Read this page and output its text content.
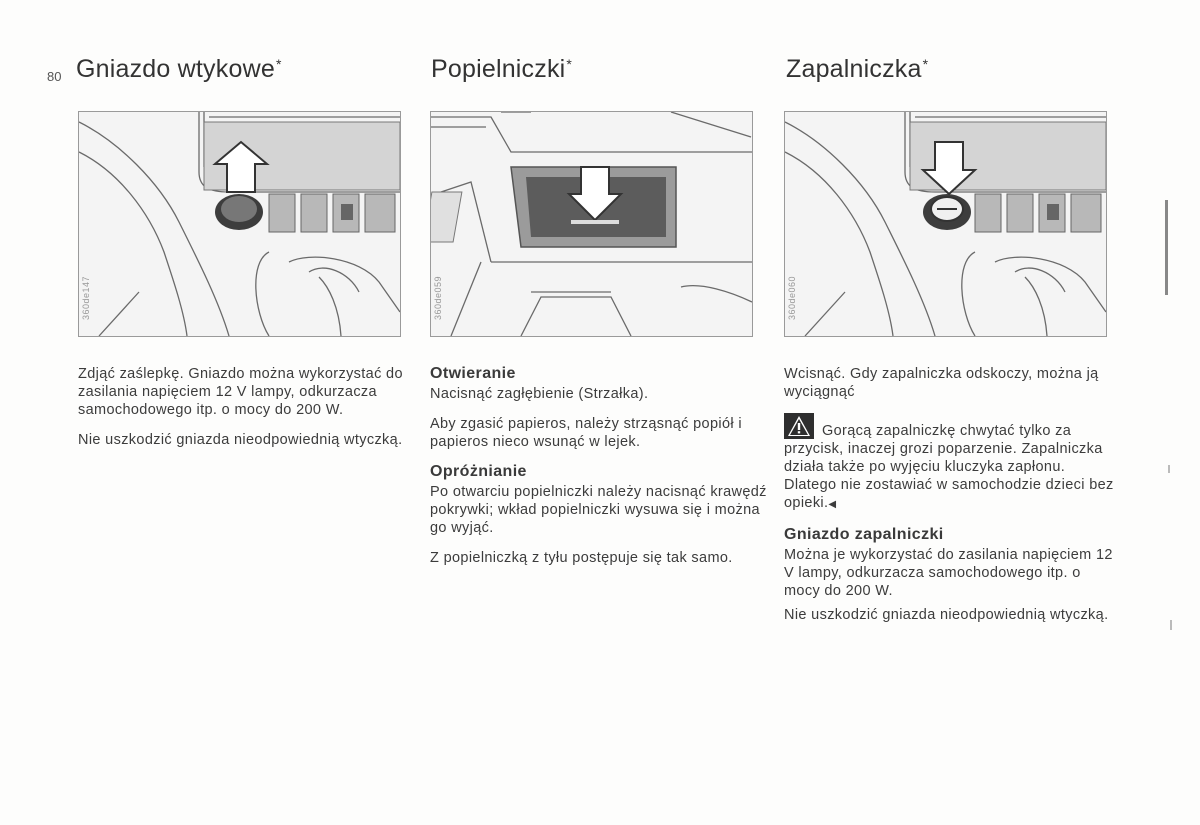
80 Gniazdo wtykowe*
360de147

Zdjąć zaślepkę. Gniazdo można wykorzystać do zasilania napięciem 12 V lampy, odkurzacza samochodowego itp. o mocy do 200 W.

Nie uszkodzić gniazda nieodpowiednią wtyczką.

Popielniczki*
360de059
Otwieranie

Nacisnąć zagłębienie (Strzałka).

Aby zgasić papieros, należy strząsnąć popiół i papieros nieco wsunąć w lejek.

Opróżnianie

Po otwarciu popielniczki należy nacisnąć krawędź pokrywki; wkład popielniczki wysuwa się i można go wyjąć.

Z popielniczką z tyłu postępuje się tak samo.

Zapalniczka*
360de060

Wcisnąć. Gdy zapalniczka odskoczy, można ją wyciągnąć

Gorącą zapalniczkę chwytać tylko za przycisk, inaczej grozi poparzenie. Zapalniczka działa także po wyjęciu kluczyka zapłonu. Dlatego nie zostawiać w samochodzie dzieci bez opieki.◀

Gniazdo zapalniczki

Można je wykorzystać do zasilania napięciem 12 V lampy, odkurzacza samochodowego itp. o mocy do 200 W.

Nie uszkodzić gniazda nieodpowiednią wtyczką.
